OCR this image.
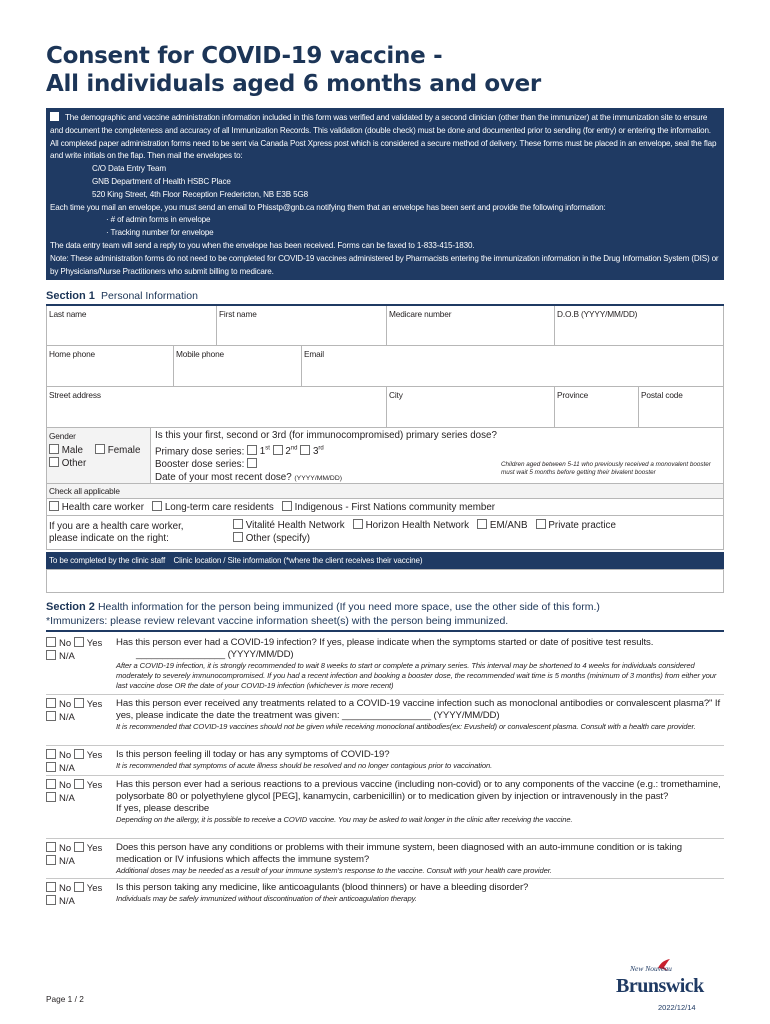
Consent for COVID-19 vaccine -
All individuals aged 6 months and over
The demographic and vaccine administration information included in this form was verified and validated by a second clinician (other than the immunizer) at the immunization site to ensure and document the completeness and accuracy of all Immunization Records. This validation (double check) must be done and documented prior to sending (for entry) or entering the information. All completed paper administration forms need to be sent via Canada Post Xpress post which is considered a secure method of delivery. These forms must be placed in an envelope, seal the flap and write initials on the flap. Then mail the envelopes to:
C/O Data Entry Team
GNB Department of Health HSBC Place
520 King Street, 4th Floor Reception Fredericton, NB E3B 5G8
Each time you mail an envelope, you must send an email to Phisstp@gnb.ca notifying them that an envelope has been sent and provide the following information:
· # of admin forms in envelope
· Tracking number for envelope
The data entry team will send a reply to you when the envelope has been received. Forms can be faxed to 1-833-415-1830.
Note: These administration forms do not need to be completed for COVID-19 vaccines administered by Pharmacists entering the immunization information in the Drug Information System (DIS) or by Physicians/Nurse Practitioners who submit billing to medicare.
Section 1 Personal Information
Last name	First name	Medicare number	D.O.B (YYYY/MM/DD)
Home phone	Mobile phone	Email
Street address	City	Province	Postal code
Gender
Male
Other
Female
Is this your first, second or 3rd (for immunocompromised) primary series dose?
Primary dose series: 1st 2nd 3rd
Booster dose series:
Date of your most recent dose? (YYYY/MM/DD)
Children aged between 5-11 who previously received a monovalent booster
must wait 5 months before getting their bivalent booster
Check all applicable
Health care worker Long-term care residents Indigenous - First Nations community member
If you are a health care worker,
please indicate on the right:
Vitalité Health Network Horizon Health Network EM/ANB Private practice
Other (specify)
To be completed by the clinic staff Clinic location / Site information (*where the client receives their vaccine)
Section 2 Health information for the person being immunized (If you need more space, use the other side of this form.)
*Immunizers: please review relevant vaccine information sheet(s) with the person being immunized.
No Yes
N/A
Has this person ever had a COVID-19 infection? If yes, please indicate when the symptoms started or date of positive test results.
_________________ (YYYY/MM/DD)
After a COVID-19 infection, it is strongly recommended to wait 8 weeks to start or complete a primary series. This interval may be shortened to 4 weeks for individuals considered moderately to severely immunocompromised. If you had a recent infection and booking a booster dose, the recommended wait time is 5 months (minimum of 3 months) from either your last vaccine dose OR the date of your COVID-19 infection (whichever is more recent)
No Yes
N/A
Has this person ever received any treatments related to a COVID-19 vaccine infection such as monoclonal antibodies or convalescent plasma?" If yes, please indicate the date the treatment was given: _________________ (YYYY/MM/DD)
It is recommended that COVID-19 vaccines should not be given while receiving monoclonal antibodies(ex: Evusheld) or convalescent plasma. Consult with a health care provider.
No Yes
N/A
Is this person feeling ill today or has any symptoms of COVID-19?
It is recommended that symptoms of acute illness should be resolved and no longer contagious prior to vaccination.
No Yes
N/A
Has this person ever had a serious reactions to a previous vaccine (including non-covid) or to any components of the vaccine (e.g.: tromethamine, polysorbate 80 or polyethylene glycol [PEG], kanamycin, carbenicillin) or to medication given by injection or intravenously in the past?
If yes, please describe
Depending on the allergy, it is possible to receive a COVID vaccine. You may be asked to wait longer in the clinic after receiving the vaccine.
No Yes
N/A
Does this person have any conditions or problems with their immune system, been diagnosed with an auto-immune condition or is taking medication or IV infusions which affects the immune system?
Additional doses may be needed as a result of your immune system's response to the vaccine. Consult with your health care provider.
No Yes
N/A
Is this person taking any medicine, like anticoagulants (blood thinners) or have a bleeding disorder?
Individuals may be safely immunized without discontinuation of their anticoagulation therapy.
Page 1 / 2
New Nouveau
Brunswick
2022/12/14
